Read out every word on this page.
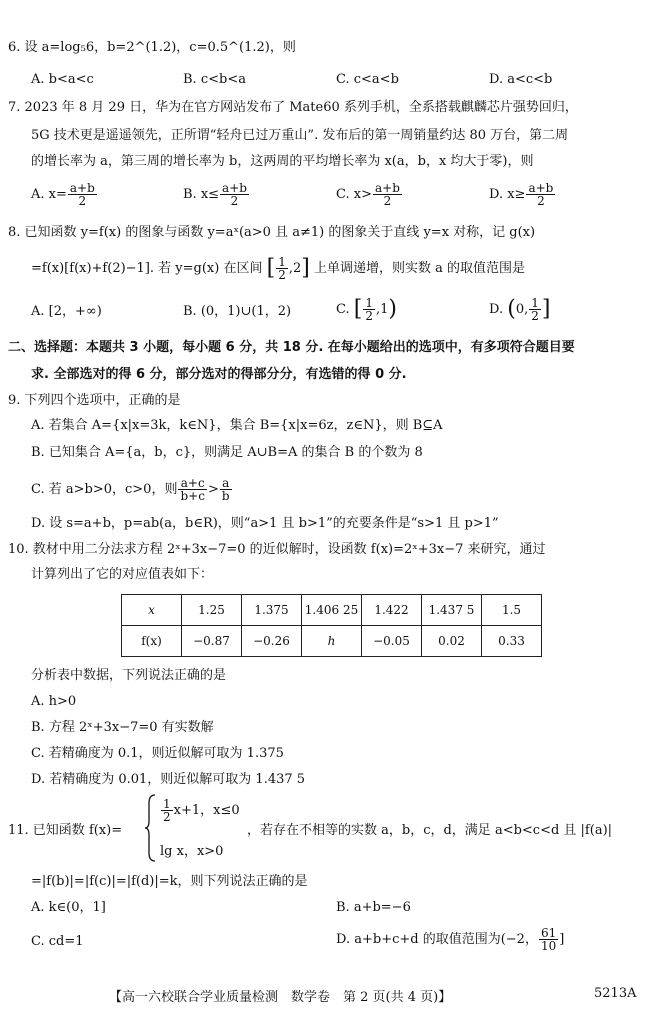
6. 设 a=log₅6，b=2^(1.2)，c=0.5^(1.2)，则
A. b<a<c	B. c<b<a	C. c<a<b	D. a<c<b
7. 2023 年 8 月 29 日，华为在官方网站发布了 Mate60 系列手机，全系搭载麒麟芯片强势回归，
5G 技术更是遥遥领先，正所谓“轻舟已过万重山”. 发布后的第一周销量约达 80 万台，第二周
的增长率为 a，第三周的增长率为 b，这两周的平均增长率为 x(a，b，x 均大于零)，则
A. $x= \frac{a+b}{2}$	B. $x\le \frac{a+b}{2}$	C. $x> \frac{a+b}{2}$	D. $x\ge \frac{a+b}{2}$
8. 已知函数 y=f(x) 的图象与函数 y=aˣ(a>0 且 a≠1) 的图象关于直线 y=x 对称，记 g(x)
=f(x)[f(x)+f(2)−1]. 若 y=g(x) 在区间 [ $\frac{1}{2} ,2$] 上单调递增，则实数 a 的取值范围是
A. [2，+∞)	B. (0，1)∪(1，2)	C. [ $\frac{1}{2} ,1$)	D. (0, $\frac{1}{2}$ ]
二、选择题：本题共 3 小题，每小题 6 分，共 18 分. 在每小题给出的选项中，有多项符合题目要
求. 全部选对的得 6 分，部分选对的得部分分，有选错的得 0 分.
9. 下列四个选项中，正确的是
A. 若集合 A={x|x=3k，k∈N}，集合 B={x|x=6z，z∈N}，则 B⊆A
B. 已知集合 A={a，b，c}，则满足 A∪B=A 的集合 B 的个数为 8
C. 若 a>b>0，c>0，则 $\frac{a+c}{b+c} > \frac{a}{b}$
D. 设 s=a+b，p=ab(a，b∈R)，则“a>1 且 b>1”的充要条件是“s>1 且 p>1”
10. 教材中用二分法求方程 2ˣ+3x−7=0 的近似解时，设函数 f(x)=2ˣ+3x−7 来研究，通过
计算列出了它的对应值表如下：
x	1.25	1.375	1.406 25	1.422	1.437 5	1.5
f(x)	−0.87	−0.26	h	−0.05	0.02	0.33
分析表中数据，下列说法正确的是
A. h>0
B. 方程 2ˣ+3x−7=0 有实数解
C. 若精确度为 0.1，则近似解可取为 1.375
D. 若精确度为 0.01，则近似解可取为 1.437 5
11. 已知函数 f(x)=
$\frac{1}{2} x+1$，x≤0
lg x，x>0
，若存在不相等的实数 a，b，c，d，满足 a<b<c<d 且 |f(a)|
=|f(b)|=|f(c)|=|f(d)|=k，则下列说法正确的是
A. k∈(0，1]	B. a+b=−6
C. cd=1	D. a+b+c+d 的取值范围为(−2， $\frac{61}{10}$ ]
【高一六校联合学业质量检测　数学卷　第 2 页(共 4 页)】	5213A
